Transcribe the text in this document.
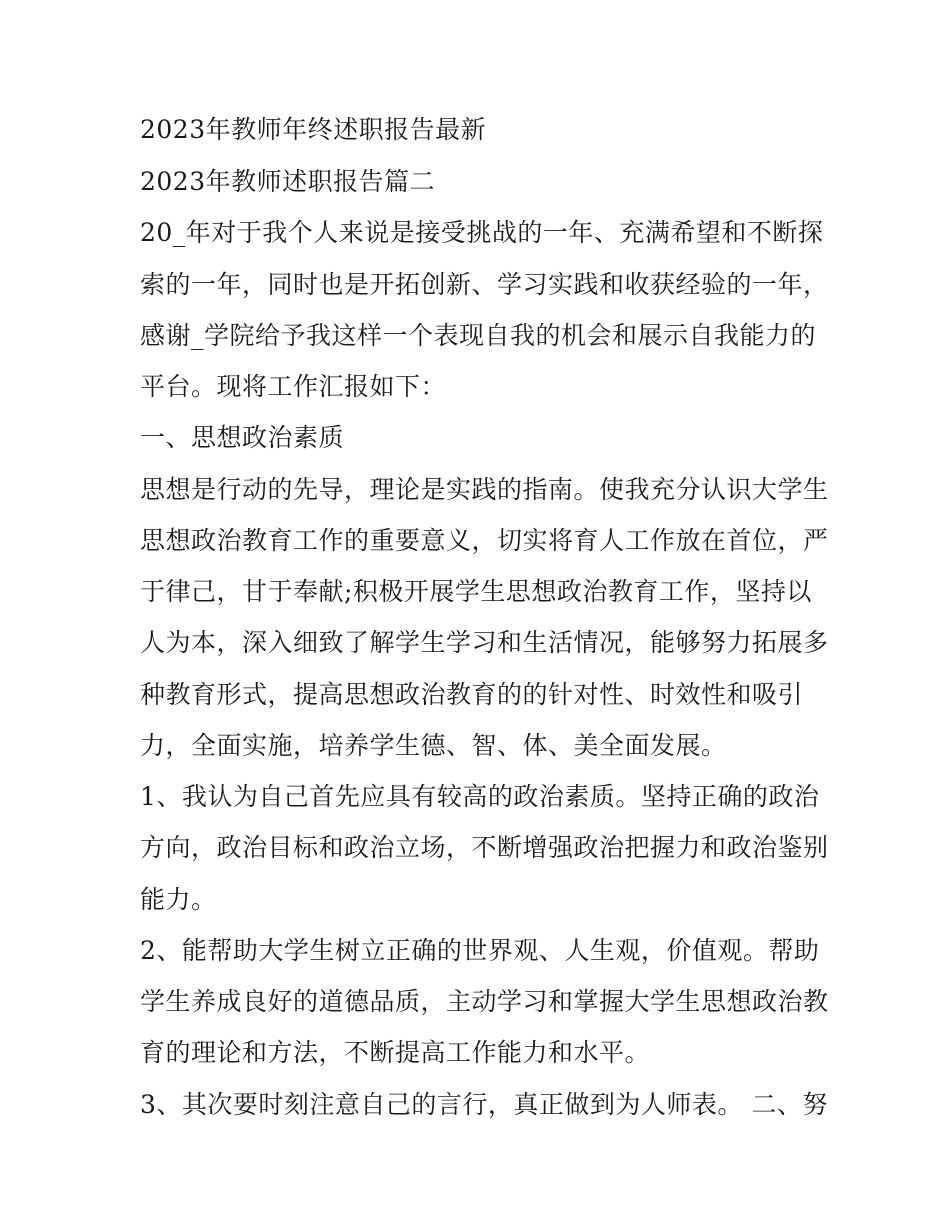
2023年教师年终述职报告最新
2023年教师述职报告篇二
20_年对于我个人来说是接受挑战的一年、充满希望和不断探
索的一年，同时也是开拓创新、学习实践和收获经验的一年，
感谢_学院给予我这样一个表现自我的机会和展示自我能力的
平台。现将工作汇报如下：
一、思想政治素质
思想是行动的先导，理论是实践的指南。使我充分认识大学生
思想政治教育工作的重要意义，切实将育人工作放在首位，严
于律己，甘于奉献;积极开展学生思想政治教育工作，坚持以
人为本，深入细致了解学生学习和生活情况，能够努力拓展多
种教育形式，提高思想政治教育的的针对性、时效性和吸引
力，全面实施，培养学生德、智、体、美全面发展。
1、我认为自己首先应具有较高的政治素质。坚持正确的政治
方向，政治目标和政治立场，不断增强政治把握力和政治鉴别
能力。
2、能帮助大学生树立正确的世界观、人生观，价值观。帮助
学生养成良好的道德品质，主动学习和掌握大学生思想政治教
育的理论和方法，不断提高工作能力和水平。
3、其次要时刻注意自己的言行，真正做到为人师表。 二、努
